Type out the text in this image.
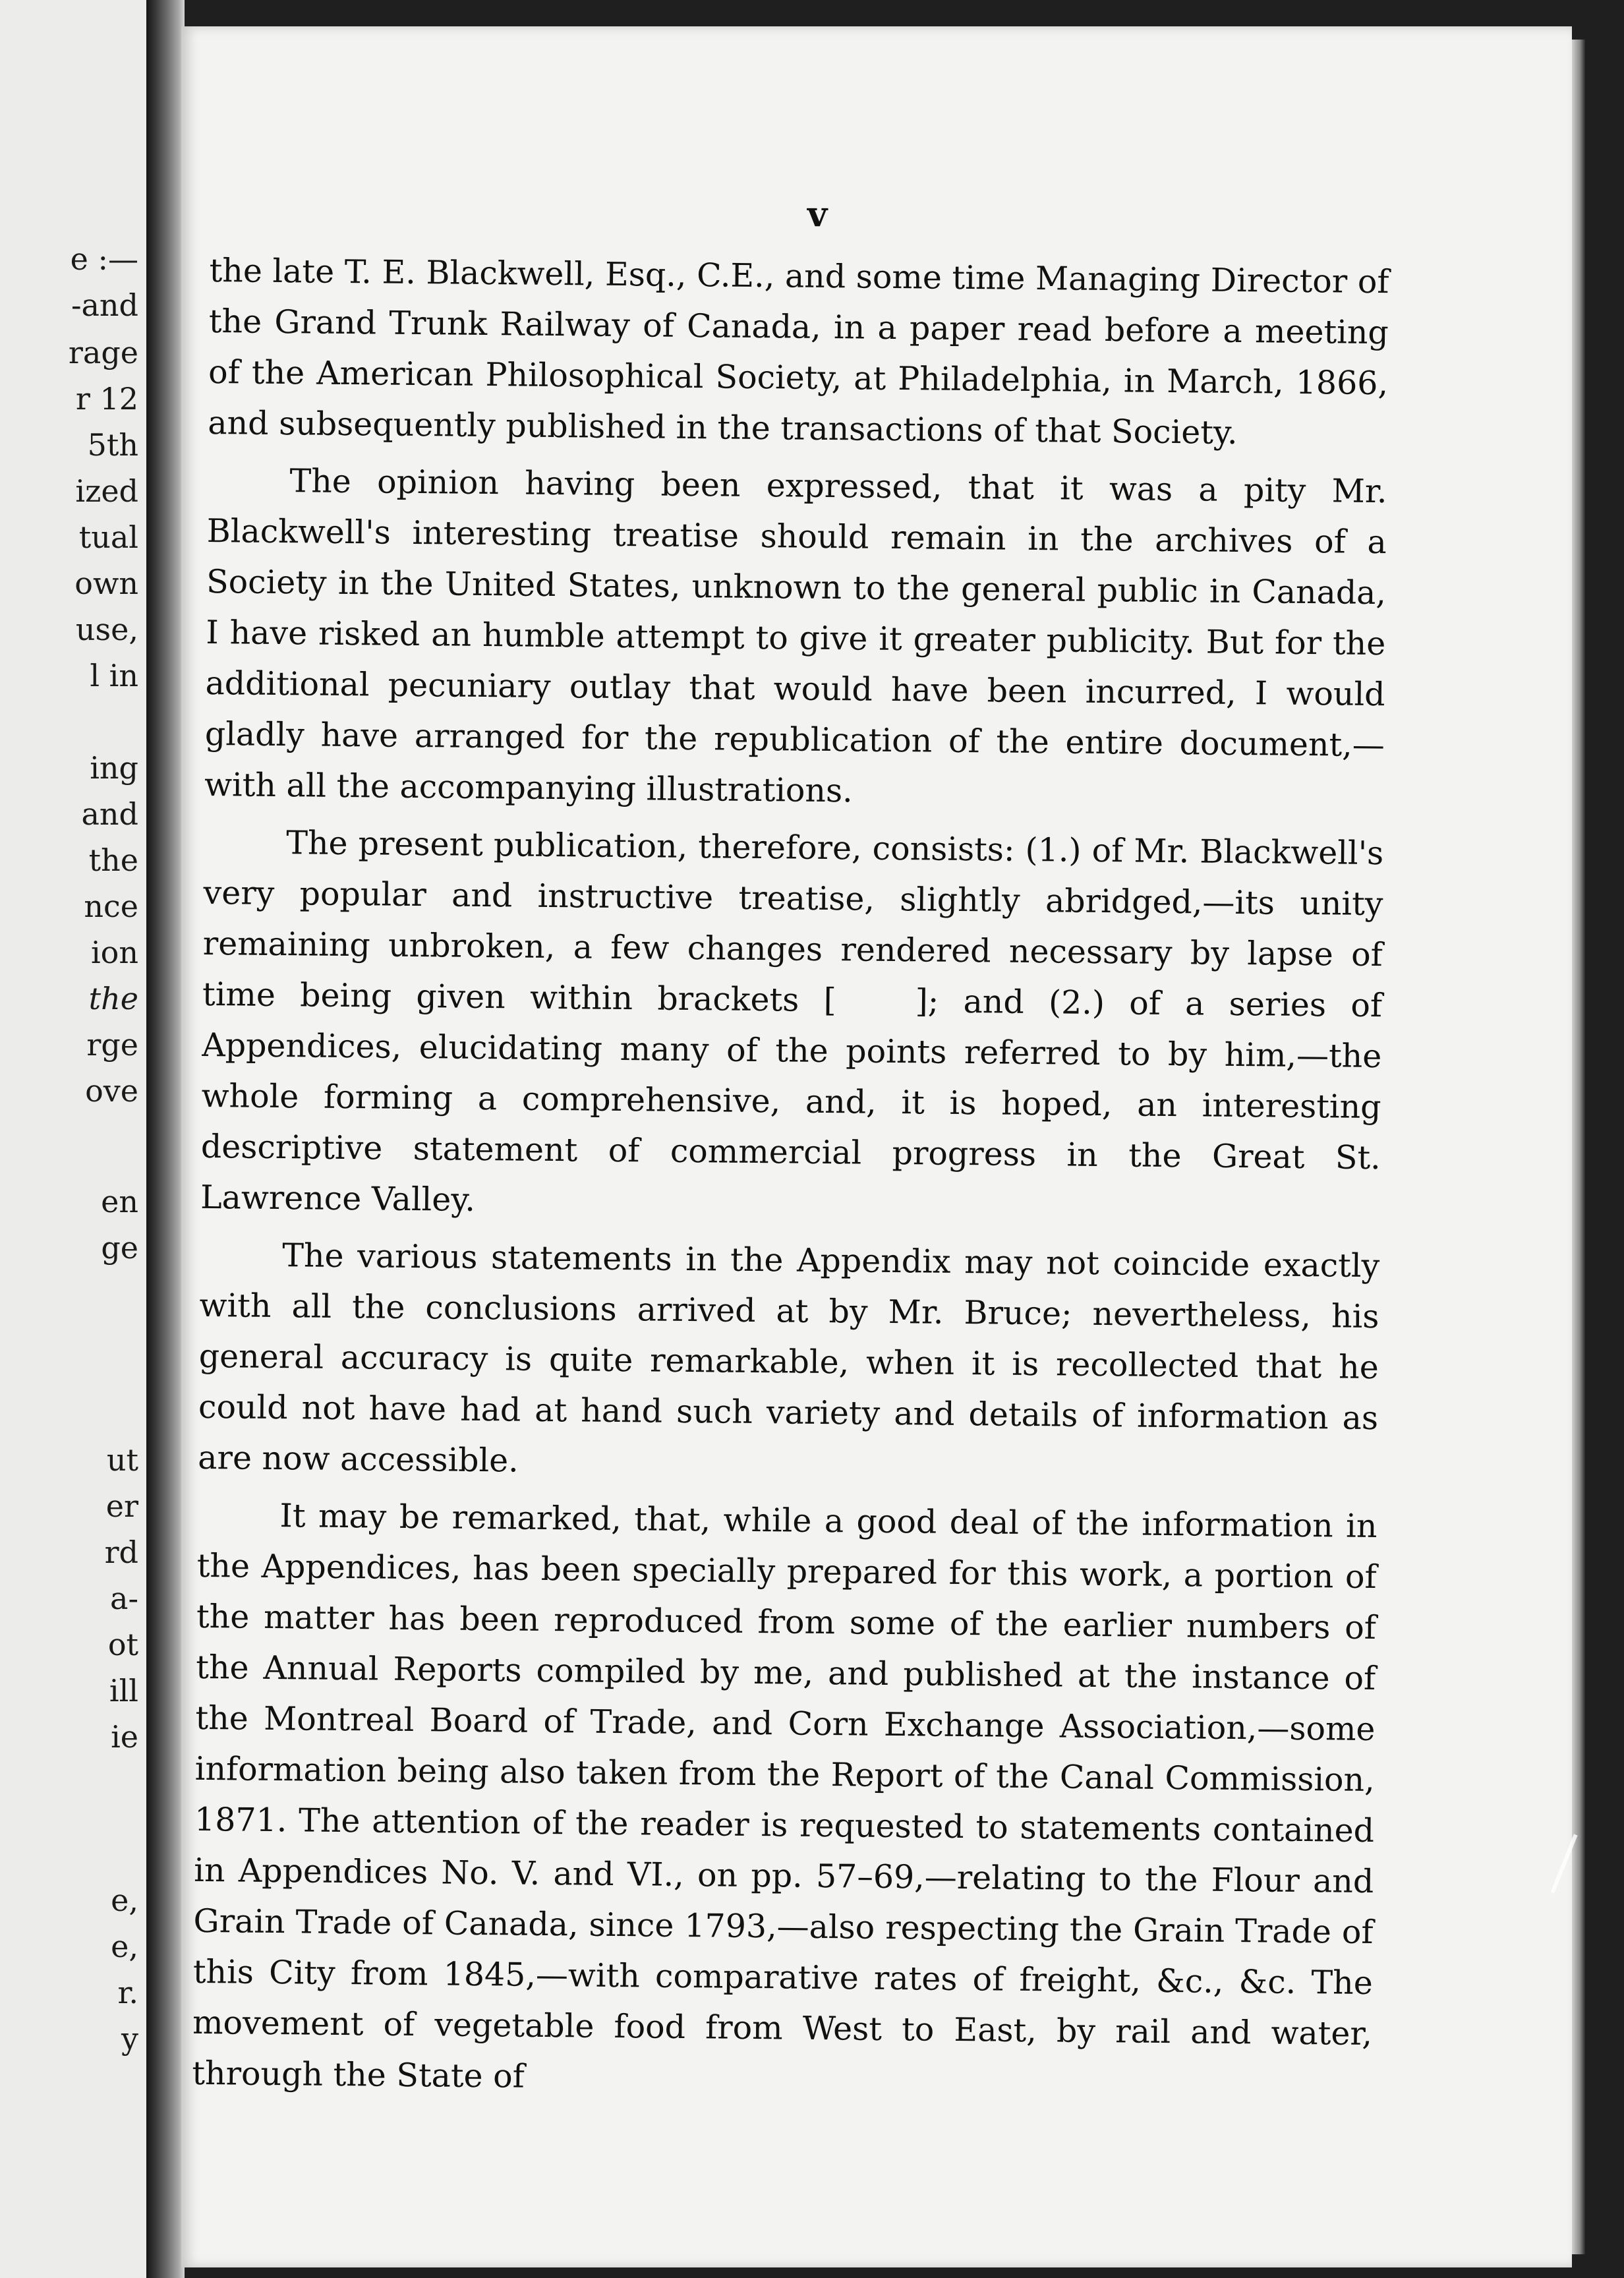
e :—
-and
rage
r 12
5th
ized
tual
own
use,
l in
ing
and
the
nce
ion
the
rge
ove
en
ge
ut
er
rd
a-
ot
ill
ie
e,
e,
r.
y
v

the late T. E. Blackwell, Esq., C.E., and some time Managing Director of the Grand Trunk Railway of Canada, in a paper read before a meeting of the American Philosophical Society, at Philadelphia, in March, 1866, and subsequently published in the transactions of that Society.

The opinion having been expressed, that it was a pity Mr. Blackwell's interesting treatise should remain in the archives of a Society in the United States, unknown to the general public in Canada, I have risked an humble attempt to give it greater publicity. But for the additional pecuniary outlay that would have been incurred, I would gladly have arranged for the republication of the entire document,—with all the accompanying illustrations.

The present publication, therefore, consists: (1.) of Mr. Blackwell's very popular and instructive treatise, slightly abridged,—its unity remaining unbroken, a few changes rendered necessary by lapse of time being given within brackets [ ]; and (2.) of a series of Appendices, elucidating many of the points referred to by him,—the whole forming a comprehensive, and, it is hoped, an interesting descriptive statement of commercial progress in the Great St. Lawrence Valley.

The various statements in the Appendix may not coincide exactly with all the conclusions arrived at by Mr. Bruce; nevertheless, his general accuracy is quite remarkable, when it is recollected that he could not have had at hand such variety and details of information as are now accessible.

It may be remarked, that, while a good deal of the information in the Appendices, has been specially prepared for this work, a portion of the matter has been reproduced from some of the earlier numbers of the Annual Reports compiled by me, and published at the instance of the Montreal Board of Trade, and Corn Exchange Association,—some information being also taken from the Report of the Canal Commission, 1871. The attention of the reader is requested to statements contained in Appendices No. V. and VI., on pp. 57–69,—relating to the Flour and Grain Trade of Canada, since 1793,—also respecting the Grain Trade of this City from 1845,—with comparative rates of freight, &c., &c. The movement of vegetable food from West to East, by rail and water, through the State of
